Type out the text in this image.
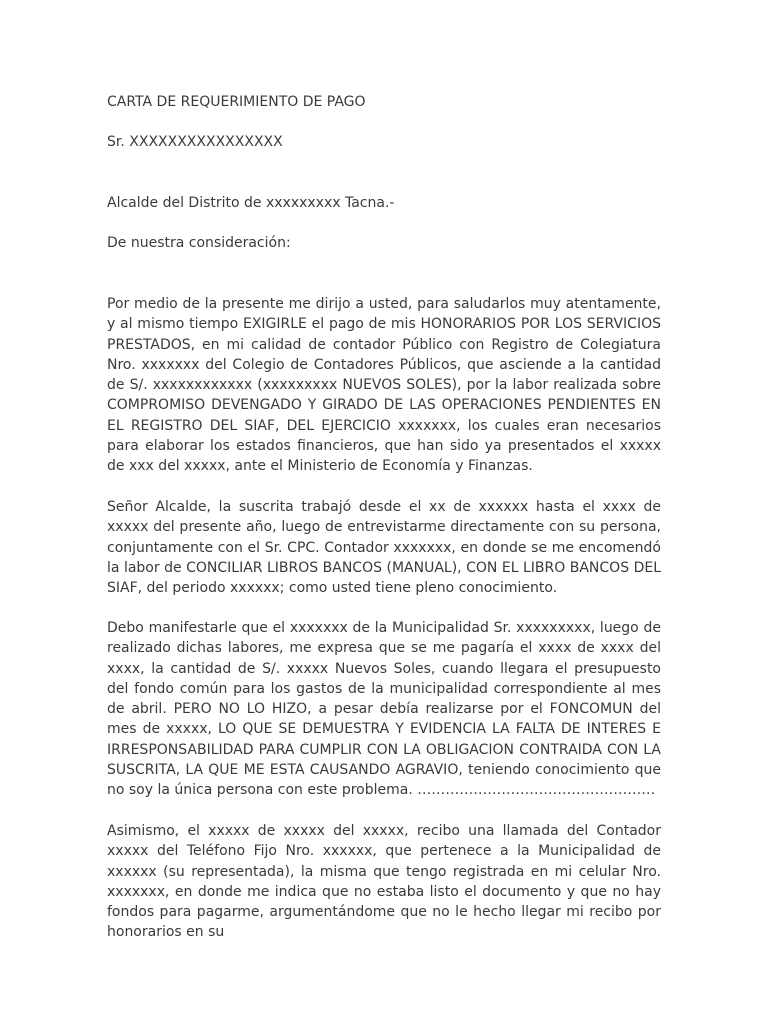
CARTA DE REQUERIMIENTO DE PAGO

Sr. XXXXXXXXXXXXXXXX

Alcalde del Distrito de xxxxxxxxx Tacna.-

De nuestra consideración:

Por medio de la presente me dirijo a usted, para saludarlos muy atentamente, y al mismo tiempo EXIGIRLE el pago de mis HONORARIOS POR LOS SERVICIOS PRESTADOS, en mi calidad de contador Público con Registro de Colegiatura Nro. xxxxxxx del Colegio de Contadores Públicos, que asciende a la cantidad de S/. xxxxxxxxxxxx (xxxxxxxxx NUEVOS SOLES), por la labor realizada sobre COMPROMISO DEVENGADO Y GIRADO DE LAS OPERACIONES PENDIENTES EN EL REGISTRO DEL SIAF, DEL EJERCICIO xxxxxxx, los cuales eran necesarios para elaborar los estados financieros, que han sido ya presentados el xxxxx de xxx del xxxxx, ante el Ministerio de Economía y Finanzas.

Señor Alcalde, la suscrita trabajó desde el xx de xxxxxx hasta el xxxx de xxxxx del presente año, luego de entrevistarme directamente con su persona, conjuntamente con el Sr. CPC. Contador xxxxxxx, en donde se me encomendó la labor de CONCILIAR LIBROS BANCOS (MANUAL), CON EL LIBRO BANCOS DEL SIAF, del periodo xxxxxx; como usted tiene pleno conocimiento.

Debo manifestarle que el xxxxxxx de la Municipalidad Sr. xxxxxxxxx, luego de realizado dichas labores, me expresa que se me pagaría el xxxx de xxxx del xxxx, la cantidad de S/. xxxxx Nuevos Soles, cuando llegara el presupuesto del fondo común para los gastos de la municipalidad correspondiente al mes de abril. PERO NO LO HIZO, a pesar debía realizarse por el FONCOMUN del mes de xxxxx, LO QUE SE DEMUESTRA Y EVIDENCIA LA FALTA DE INTERES E IRRESPONSABILIDAD PARA CUMPLIR CON LA OBLIGACION CONTRAIDA CON LA SUSCRITA, LA QUE ME ESTA CAUSANDO AGRAVIO, teniendo conocimiento que no soy la única persona con este problema. ……………………………………………

Asimismo, el xxxxx de xxxxx del xxxxx, recibo una llamada del Contador xxxxx del Teléfono Fijo Nro. xxxxxx, que pertenece a la Municipalidad de xxxxxx (su representada), la misma que tengo registrada en mi celular Nro. xxxxxxx, en donde me indica que no estaba listo el documento y que no hay fondos para pagarme, argumentándome que no le hecho llegar mi recibo por honorarios en su
